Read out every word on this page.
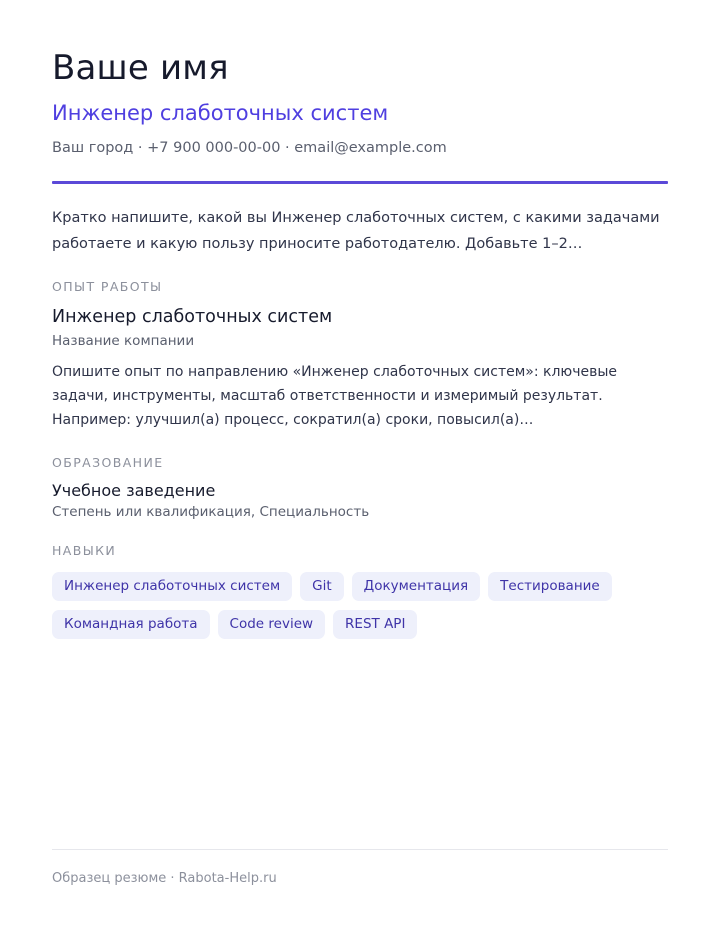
Ваше имя
Инженер слаботочных систем
Ваш город · +7 900 000-00-00 · email@example.com
Кратко напишите, какой вы Инженер слаботочных систем, с какими задачами работаете и какую пользу приносите работодателю. Добавьте 1–2…
ОПЫТ РАБОТЫ
Инженер слаботочных систем
Название компании
Опишите опыт по направлению «Инженер слаботочных систем»: ключевые задачи, инструменты, масштаб ответственности и измеримый результат. Например: улучшил(а) процесс, сократил(а) сроки, повысил(а)…
ОБРАЗОВАНИЕ
Учебное заведение
Степень или квалификация, Специальность
НАВЫКИ
Инженер слаботочных систем	Git	Документация	Тестирование
Командная работа	Code review	REST API
Образец резюме · Rabota-Help.ru
